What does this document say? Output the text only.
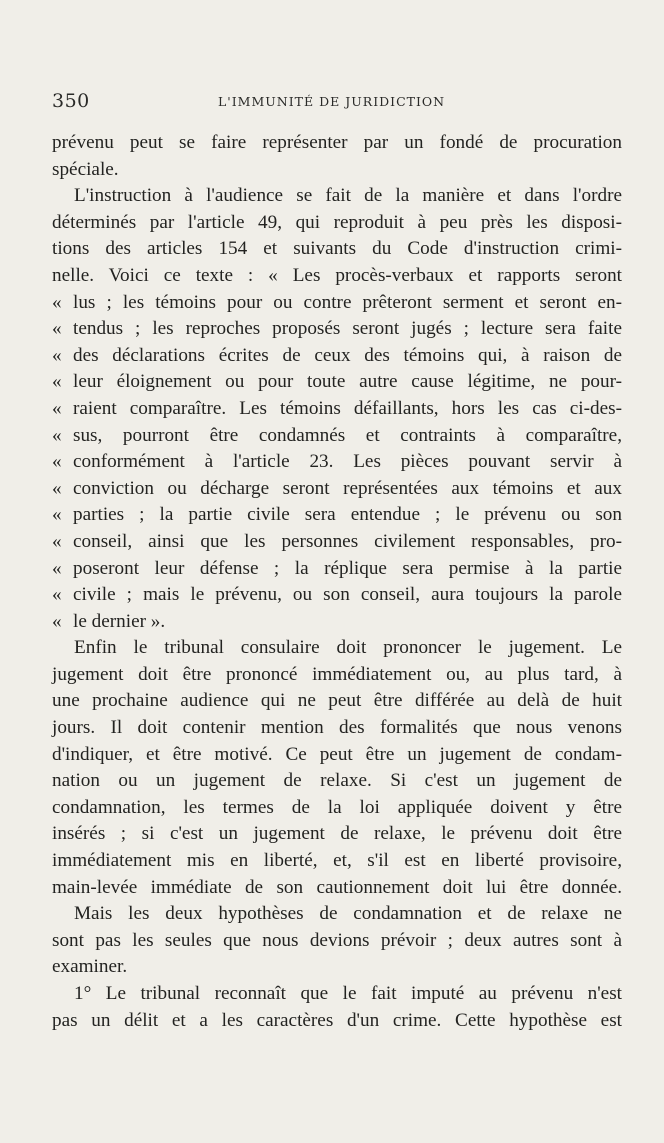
350	L'IMMUNITÉ DE JURIDICTION
prévenu peut se faire représenter par un fondé de procuration
spéciale.
L'instruction à l'audience se fait de la manière et dans l'ordre
déterminés par l'article 49, qui reproduit à peu près les disposi-
tions des articles 154 et suivants du Code d'instruction crimi-
nelle. Voici ce texte : « Les procès-verbaux et rapports seront
« lus ; les témoins pour ou contre prêteront serment et seront en-
« tendus ; les reproches proposés seront jugés ; lecture sera faite
« des déclarations écrites de ceux des témoins qui, à raison de
« leur éloignement ou pour toute autre cause légitime, ne pour-
« raient comparaître. Les témoins défaillants, hors les cas ci-des-
« sus, pourront être condamnés et contraints à comparaître,
« conformément à l'article 23. Les pièces pouvant servir à
« conviction ou décharge seront représentées aux témoins et aux
« parties ; la partie civile sera entendue ; le prévenu ou son
« conseil, ainsi que les personnes civilement responsables, pro-
« poseront leur défense ; la réplique sera permise à la partie
« civile ; mais le prévenu, ou son conseil, aura toujours la parole
« le dernier ».
Enfin le tribunal consulaire doit prononcer le jugement. Le
jugement doit être prononcé immédiatement ou, au plus tard, à
une prochaine audience qui ne peut être différée au delà de huit
jours. Il doit contenir mention des formalités que nous venons
d'indiquer, et être motivé. Ce peut être un jugement de condam-
nation ou un jugement de relaxe. Si c'est un jugement de
condamnation, les termes de la loi appliquée doivent y être
insérés ; si c'est un jugement de relaxe, le prévenu doit être
immédiatement mis en liberté, et, s'il est en liberté provisoire,
main-levée immédiate de son cautionnement doit lui être donnée.
Mais les deux hypothèses de condamnation et de relaxe ne
sont pas les seules que nous devions prévoir ; deux autres sont à
examiner.
1° Le tribunal reconnaît que le fait imputé au prévenu n'est
pas un délit et a les caractères d'un crime. Cette hypothèse est
